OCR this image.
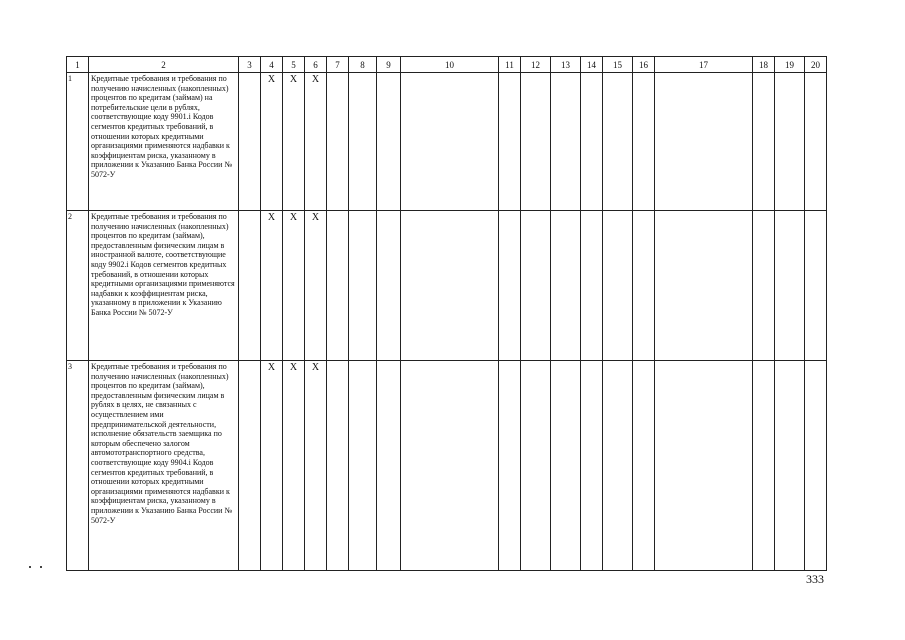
1	2	3	4	5	6	7	8	9	10	11	12	13	14	15	16	17	18	19	20
1	Кредитные требования и требования по получению начисленных (накопленных) процентов по кредитам (займам) на потребительские цели в рублях, соответствующие коду 9901.i Кодов сегментов кредитных требований, в отношении которых кредитными организациями применяются надбавки к коэффициентам риска, указанному в приложении к Указанию Банка России № 5072-У		X	X	X														
2	Кредитные требования и требования по получению начисленных (накопленных) процентов по кредитам (займам), предоставленным физическим лицам в иностранной валюте, соответствующие коду 9902.i Кодов сегментов кредитных требований, в отношении которых кредитными организациями применяются надбавки к коэффициентам риска, указанному в приложении к Указанию Банка России № 5072-У		X	X	X														
3	Кредитные требования и требования по получению начисленных (накопленных) процентов по кредитам (займам), предоставленным физическим лицам в рублях в целях, не связанных с осуществлением ими предпринимательской деятельности, исполнение обязательств заемщика по которым обеспечено залогом автомототранспортного средства, соответствующие коду 9904.i Кодов сегментов кредитных требований, в отношении которых кредитными организациями применяются надбавки к коэффициентам риска, указанному в приложении к Указанию Банка России № 5072-У		X	X	X														
333
